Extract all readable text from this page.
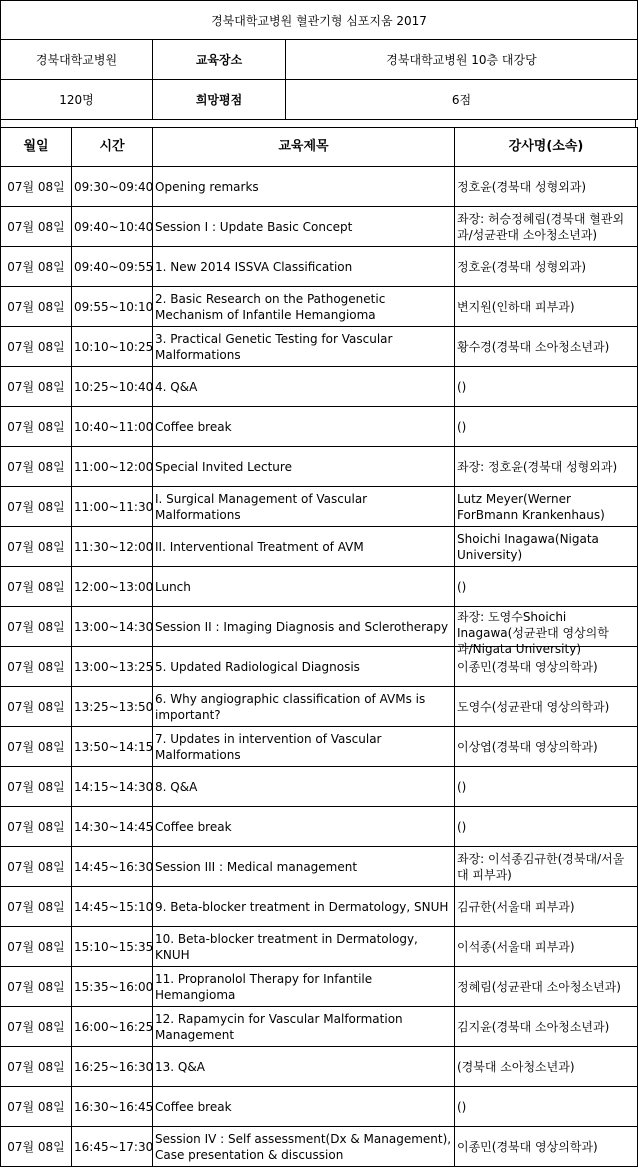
경북대학교병원 혈관기형 심포지움 2017		
경북대학교병원	교육장소	경북대학교병원 10층 대강당
120명	희망평점	6점
월일	시간	교육제목	강사명(소속)
07월 08일	09:30~09:40	Opening remarks	정호윤(경북대 성형외과)

07월 08일	09:40~10:40	Session I : Update Basic Concept	좌장: 허승정혜림(경북대 혈관외과/성균관대 소아청소년과)

07월 08일	09:40~09:55	1. New 2014 ISSVA Classification	정호윤(경북대 성형외과)

07월 08일	09:55~10:10	2. Basic Research on the Pathogenetic Mechanism of Infantile Hemangioma	변지원(인하대 피부과)

07월 08일	10:10~10:25	3. Practical Genetic Testing for Vascular Malformations	황수경(경북대 소아청소년과)

07월 08일	10:25~10:40	4. Q&A	()

07월 08일	10:40~11:00	Coffee break	()

07월 08일	11:00~12:00	Special Invited Lecture	좌장: 정호윤(경북대 성형외과)

07월 08일	11:00~11:30	I. Surgical Management of Vascular Malformations	Lutz Meyer(Werner ForBmann Krankenhaus)

07월 08일	11:30~12:00	II. Interventional Treatment of AVM	Shoichi Inagawa(Nigata University)

07월 08일	12:00~13:00	Lunch	()

07월 08일	13:00~14:30	Session II : Imaging Diagnosis and Sclerotherapy	좌장: 도영수Shoichi Inagawa(성균관대 영상의학과/Nigata University)

07월 08일	13:00~13:25	5. Updated Radiological Diagnosis	이종민(경북대 영상의학과)

07월 08일	13:25~13:50	6. Why angiographic classification of AVMs is important?	도영수(성균관대 영상의학과)

07월 08일	13:50~14:15	7. Updates in intervention of Vascular Malformations	이상엽(경북대 영상의학과)

07월 08일	14:15~14:30	8. Q&A	()

07월 08일	14:30~14:45	Coffee break	()

07월 08일	14:45~16:30	Session III : Medical management	좌장: 이석종김규한(경북대/서울대 피부과)

07월 08일	14:45~15:10	9. Beta-blocker treatment in Dermatology, SNUH	김규한(서울대 피부과)

07월 08일	15:10~15:35	10. Beta-blocker treatment in Dermatology, KNUH	이석종(서울대 피부과)

07월 08일	15:35~16:00	11. Propranolol Therapy for Infantile Hemangioma	정혜림(성균관대 소아청소년과)

07월 08일	16:00~16:25	12. Rapamycin for Vascular Malformation Management	김지윤(경북대 소아청소년과)

07월 08일	16:25~16:30	13. Q&A	(경북대 소아청소년과)

07월 08일	16:30~16:45	Coffee break	()

07월 08일	16:45~17:30	Session IV : Self assessment(Dx & Management), Case presentation & discussion	이종민(경북대 영상의학과)
